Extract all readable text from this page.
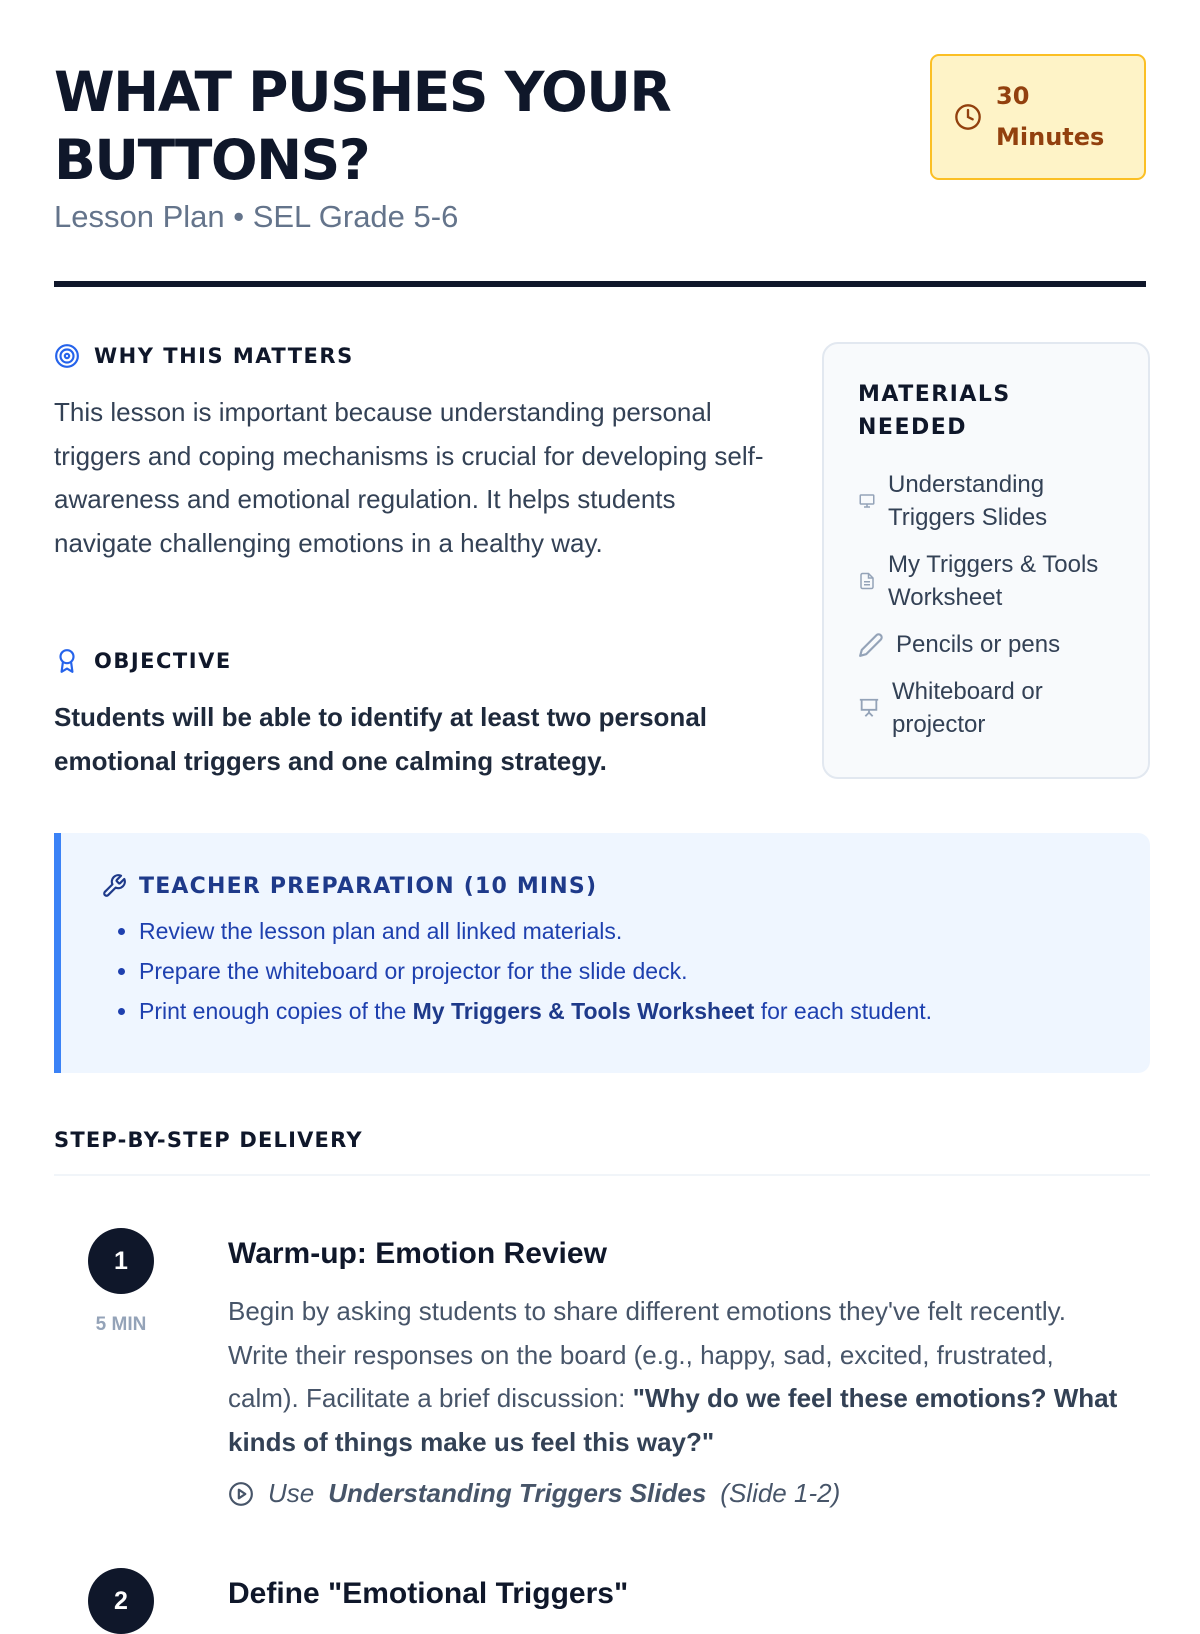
WHAT PUSHES YOUR BUTTONS?
Lesson Plan • SEL Grade 5-6
30 Minutes
WHY THIS MATTERS

This lesson is important because understanding personal triggers and coping mechanisms is crucial for developing self-awareness and emotional regulation. It helps students navigate challenging emotions in a healthy way.

OBJECTIVE

Students will be able to identify at least two personal emotional triggers and one calming strategy.

MATERIALS NEEDED
Understanding Triggers Slides
My Triggers & Tools Worksheet
Pencils or pens
Whiteboard or projector
TEACHER PREPARATION (10 MINS)
• Review the lesson plan and all linked materials.
• Prepare the whiteboard or projector for the slide deck.
• Print enough copies of the My Triggers & Tools Worksheet for each student.
STEP-BY-STEP DELIVERY
1
5 MIN
Warm-up: Emotion Review

Begin by asking students to share different emotions they've felt recently. Write their responses on the board (e.g., happy, sad, excited, frustrated, calm). Facilitate a brief discussion: "Why do we feel these emotions? What kinds of things make us feel this way?"

Use Understanding Triggers Slides (Slide 1-2)
2	Define "Emotional Triggers"
